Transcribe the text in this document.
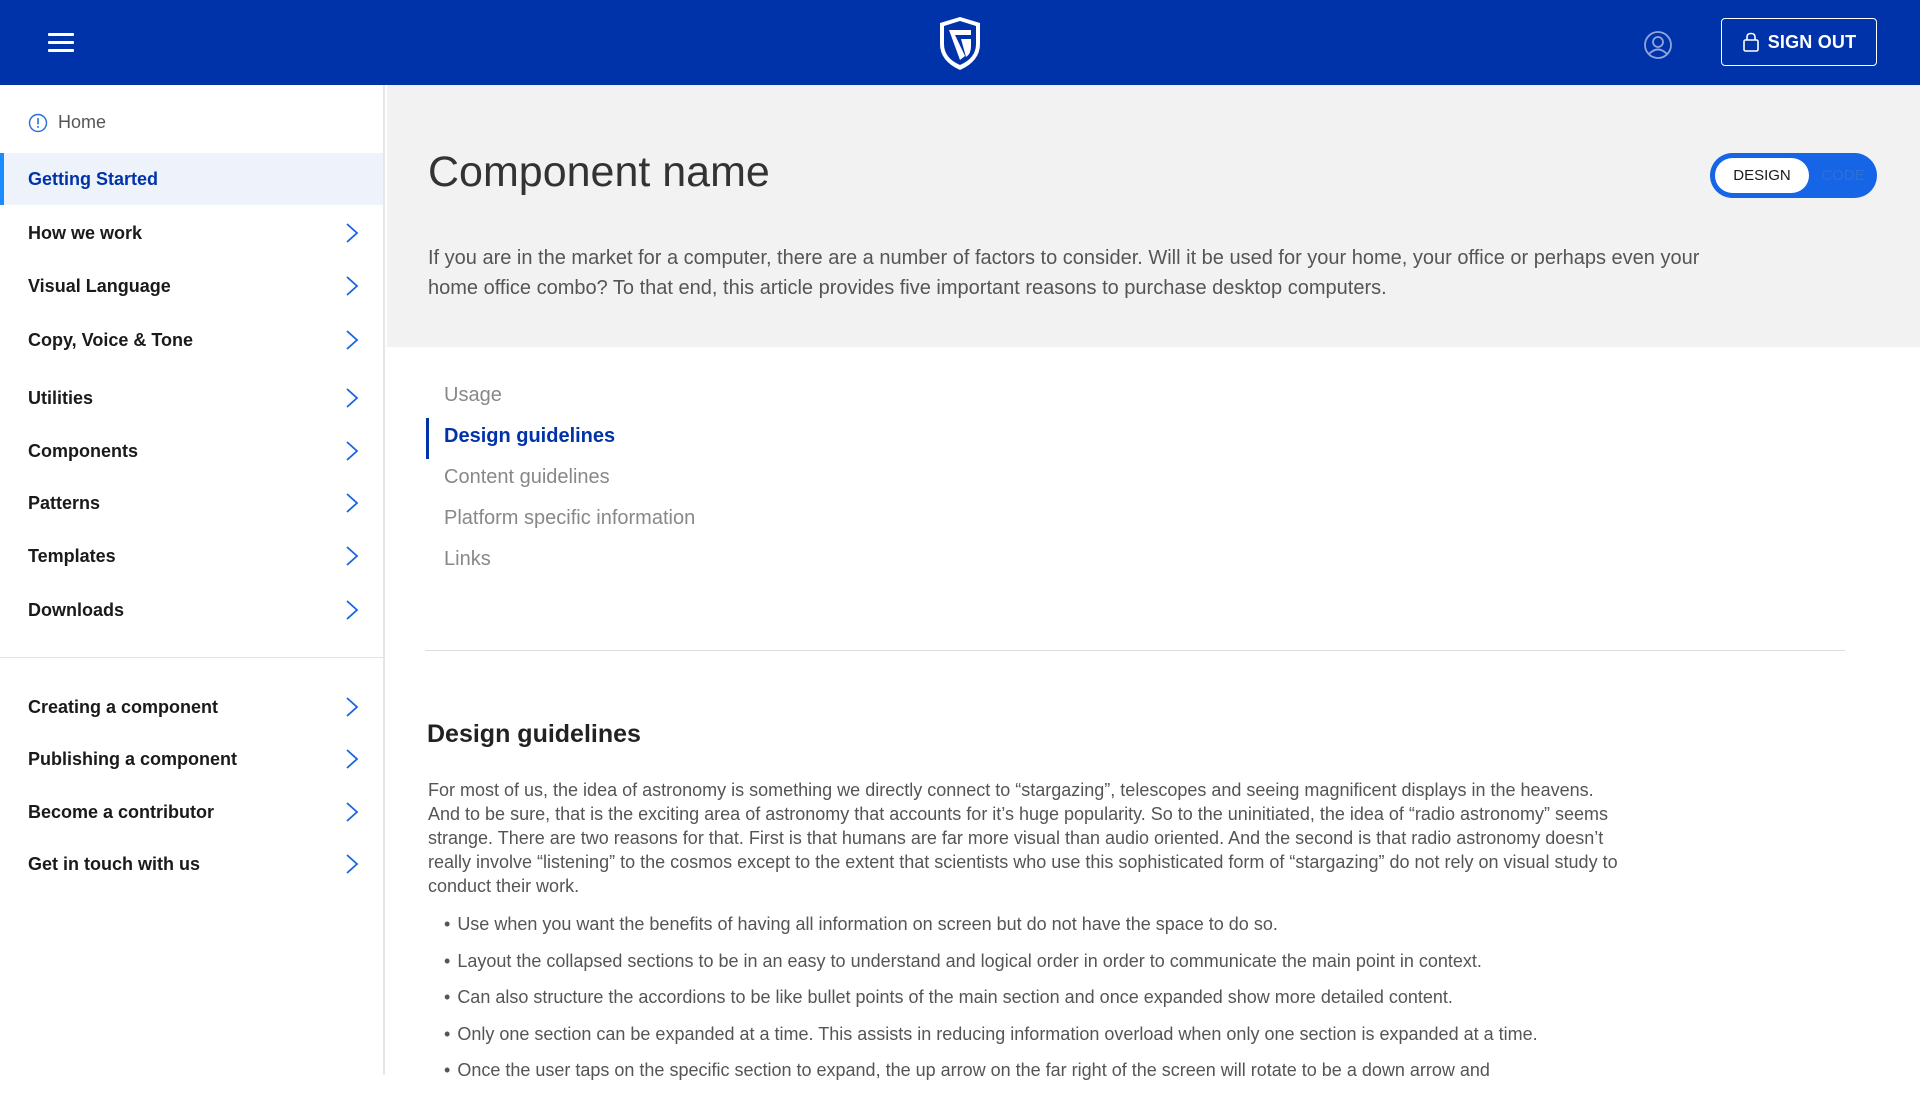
SIGN OUT
Home
Getting Started
How we work
Visual Language
Copy, Voice & Tone
Utilities
Components
Patterns
Templates
Downloads
Creating a component
Publishing a component
Become a contributor
Get in touch with us
Component name	DESIGN	CODE

If you are in the market for a computer, there are a number of factors to consider. Will it be used for your home, your office or perhaps even your home office combo? To that end, this article provides five important reasons to purchase desktop computers.

Usage
Design guidelines
Content guidelines
Platform specific information
Links
Design guidelines

For most of us, the idea of astronomy is something we directly connect to “stargazing”, telescopes and seeing magnificent displays in the heavens. And to be sure, that is the exciting area of astronomy that accounts for it’s huge popularity. So to the uninitiated, the idea of “radio astronomy” seems strange. There are two reasons for that. First is that humans are far more visual than audio oriented. And the second is that radio astronomy doesn’t really involve “listening” to the cosmos except to the extent that scientists who use this sophisticated form of “stargazing” do not rely on visual study to conduct their work.

• Use when you want the benefits of having all information on screen but do not have the space to do so.
• Layout the collapsed sections to be in an easy to understand and logical order in order to communicate the main point in context.
• Can also structure the accordions to be like bullet points of the main section and once expanded show more detailed content.
• Only one section can be expanded at a time. This assists in reducing information overload when only one section is expanded at a time.
• Once the user taps on the specific section to expand, the up arrow on the far right of the screen will rotate to be a down arrow and
